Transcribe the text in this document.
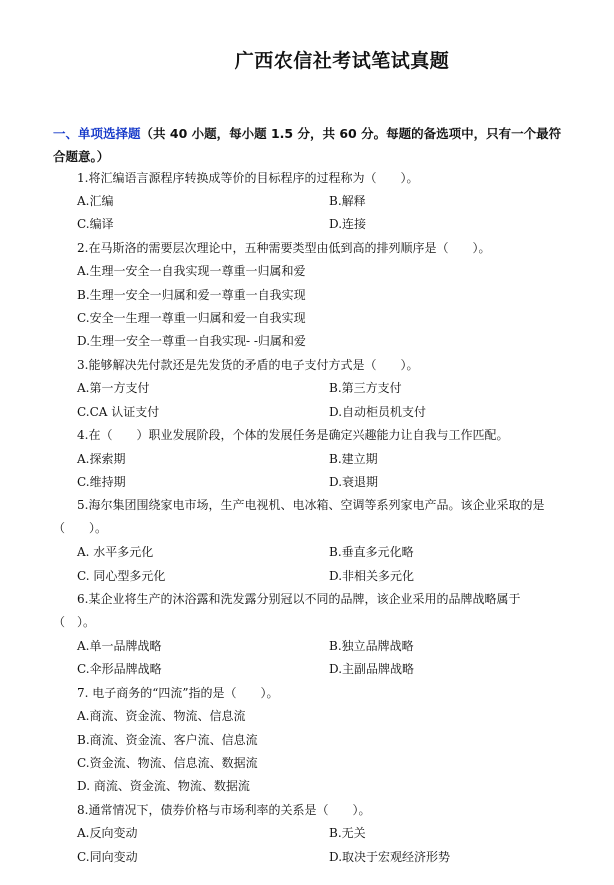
广西农信社考试笔试真题
一、单项选择题（共 40 小题，每小题 1.5 分，共 60 分。每题的备选项中，只有一个最符合题意。）
1.将汇编语言源程序转换成等价的目标程序的过程称为（　　）。
A.汇编	B.解释
C.编译	D.连接
2.在马斯洛的需要层次理论中，五种需要类型由低到高的排列顺序是（　　）。
A.生理一安全一自我实现一尊重一归属和爱
B.生理一安全一归属和爱一尊重一自我实现
C.安全一生理一尊重一归属和爱一自我实现
D.生理一安全一尊重一自我实现- -归属和爱
3.能够解决先付款还是先发货的矛盾的电子支付方式是（　　）。
A.第一方支付	B.第三方支付
C.CA 认证支付	D.自动柜员机支付
4.在（　　）职业发展阶段，个体的发展任务是确定兴趣能力让自我与工作匹配。
A.探索期	B.建立期
C.维持期	D.衰退期
5.海尔集团围绕家电市场，生产电视机、电冰箱、空调等系列家电产品。该企业采取的是（　　）。
A. 水平多元化	B.垂直多元化略
C. 同心型多元化	D.非相关多元化
6.某企业将生产的沐浴露和洗发露分别冠以不同的品牌，该企业采用的品牌战略属于（　）。
A.单一品牌战略	B.独立品牌战略
C.伞形品牌战略	D.主副品牌战略
7. 电子商务的“四流”指的是（　　）。
A.商流、资金流、物流、信息流
B.商流、资金流、客户流、信息流
C.资金流、物流、信息流、数据流
D. 商流、资金流、物流、数据流
8.通常情况下，债券价格与市场利率的关系是（　　）。
A.反向变动	B.无关
C.同向变动	D.取决于宏观经济形势
